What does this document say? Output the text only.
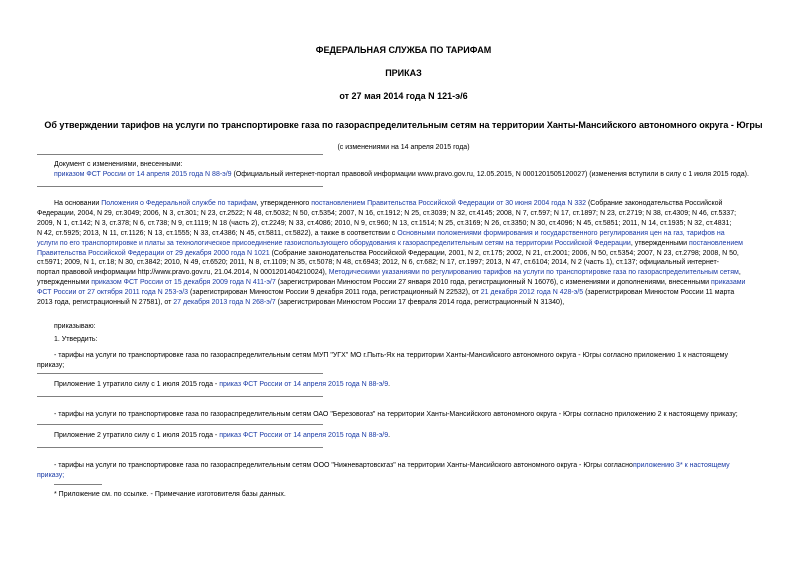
ФЕДЕРАЛЬНАЯ СЛУЖБА ПО ТАРИФАМ
ПРИКАЗ
от 27 мая 2014 года N 121-э/6
Об утверждении тарифов на услуги по транспортировке газа по газораспределительным сетям на территории Ханты-Мансийского автономного округа - Югры
(с изменениями на 14 апреля 2015 года)
Документ с изменениями, внесенными:
приказом ФСТ России от 14 апреля 2015 года N 88-э/9 (Официальный интернет-портал правовой информации www.pravo.gov.ru, 12.05.2015, N 0001201505120027) (изменения вступили в силу с 1 июля 2015 года).
На основании Положения о Федеральной службе по тарифам, утвержденного постановлением Правительства Российской Федерации от 30 июня 2004 года N 332 (Собрание законодательства Российской
Федерации, 2004, N 29, ст.3049; 2006, N 3, ст.301; N 23, ст.2522; N 48, ст.5032; N 50, ст.5354; 2007, N 16, ст.1912; N 25, ст.3039; N 32, ст.4145; 2008, N 7, ст.597; N 17, ст.1897; N 23, ст.2719; N 38, ст.4309; N 46, ст.5337;
2009, N 1, ст.142; N 3, ст.378; N 6, ст.738; N 9, ст.1119; N 18 (часть 2), ст.2249; N 33, ст.4086; 2010, N 9, ст.960; N 13, ст.1514; N 25, ст.3169; N 26, ст.3350; N 30, ст.4096; N 45, ст.5851; 2011, N 14, ст.1935; N 32, ст.4831;
N 42, ст.5925; 2013, N 11, ст.1126; N 13, ст.1555; N 33, ст.4386; N 45, ст.5811, ст.5822), а также в соответствии с Основными положениями формирования и государственного регулирования цен на газ, тарифов на
услуги по его транспортировке и платы за технологическое присоединение газоиспользующего оборудования к газораспределительным сетям на территории Российской Федерации, утвержденными постановлением
Правительства Российской Федерации от 29 декабря 2000 года N 1021 (Собрание законодательства Российской Федерации, 2001, N 2, ст.175; 2002, N 21, ст.2001; 2006, N 50, ст.5354; 2007, N 23, ст.2798; 2008, N 50,
ст.5971; 2009, N 1, ст.18; N 30, ст.3842; 2010, N 49, ст.6520; 2011, N 8, ст.1109; N 35, ст.5078; N 48, ст.6943; 2012, N 6, ст.682; N 17, ст.1997; 2013, N 47, ст.6104; 2014, N 2 (часть 1), ст.137; официальный интернет-
портал правовой информации http://www.pravo.gov.ru, 21.04.2014, N 0001201404210024), Методическими указаниями по регулированию тарифов на услуги по транспортировке газа по газораспределительным сетям,
утвержденными приказом ФСТ России от 15 декабря 2009 года N 411-э/7 (зарегистрирован Минюстом России 27 января 2010 года, регистрационный N 16076), с изменениями и дополнениями, внесенными приказами
ФСТ России от 27 октября 2011 года N 253-э/3 (зарегистрирован Минюстом России 9 декабря 2011 года, регистрационный N 22532), от 21 декабря 2012 года N 428-э/5 (зарегистрирован Минюстом России 11 марта
2013 года, регистрационный N 27581), от 27 декабря 2013 года N 268-э/7 (зарегистрирован Минюстом России 17 февраля 2014 года, регистрационный N 31340),
приказываю:
1. Утвердить:
- тарифы на услуги по транспортировке газа по газораспределительным сетям МУП "УГХ" МО г.Пыть-Ях на территории Ханты-Мансийского автономного округа - Югры согласно приложению 1 к настоящему
приказу;
Приложение 1 утратило силу с 1 июля 2015 года - приказ ФСТ России от 14 апреля 2015 года N 88-э/9.
- тарифы на услуги по транспортировке газа по газораспределительным сетям ОАО "Березовогаз" на территории Ханты-Мансийского автономного округа - Югры согласно приложению 2 к настоящему приказу;
Приложение 2 утратило силу с 1 июля 2015 года - приказ ФСТ России от 14 апреля 2015 года N 88-э/9.
- тарифы на услуги по транспортировке газа по газораспределительным сетям ООО "Нижневартовскгаз" на территории Ханты-Мансийского автономного округа - Югры согласноприложению 3* к настоящему
приказу;
* Приложение см. по ссылке. - Примечание изготовителя базы данных.
